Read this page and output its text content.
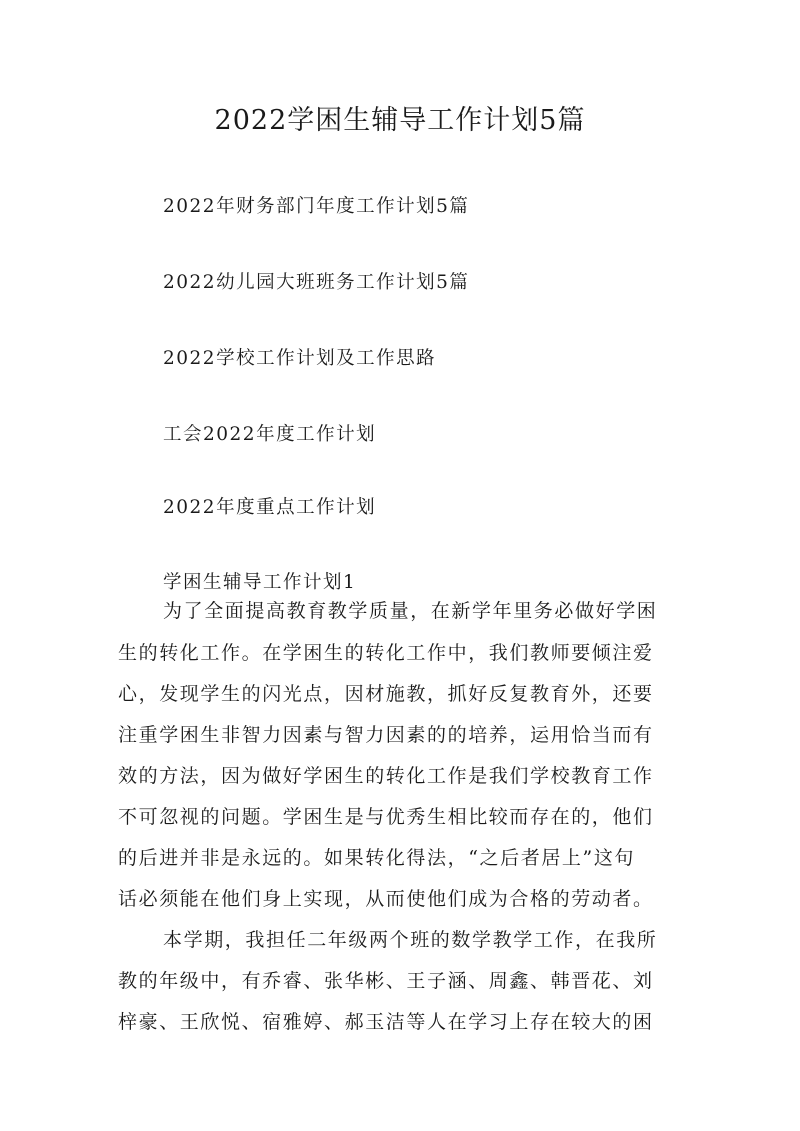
2022学困生辅导工作计划5篇
2022年财务部门年度工作计划5篇
2022幼儿园大班班务工作计划5篇
2022学校工作计划及工作思路
工会2022年度工作计划
2022年度重点工作计划
学困生辅导工作计划1
为了全面提高教育教学质量，在新学年里务必做好学困
生的转化工作。在学困生的转化工作中，我们教师要倾注爱
心，发现学生的闪光点，因材施教，抓好反复教育外，还要
注重学困生非智力因素与智力因素的的培养，运用恰当而有
效的方法，因为做好学困生的转化工作是我们学校教育工作
不可忽视的问题。学困生是与优秀生相比较而存在的，他们
的后进并非是永远的。如果转化得法，“之后者居上”这句
话必须能在他们身上实现，从而使他们成为合格的劳动者。
本学期，我担任二年级两个班的数学教学工作，在我所
教的年级中，有乔睿、张华彬、王子涵、周鑫、韩晋花、刘
梓豪、王欣悦、宿雅婷、郝玉洁等人在学习上存在较大的困
